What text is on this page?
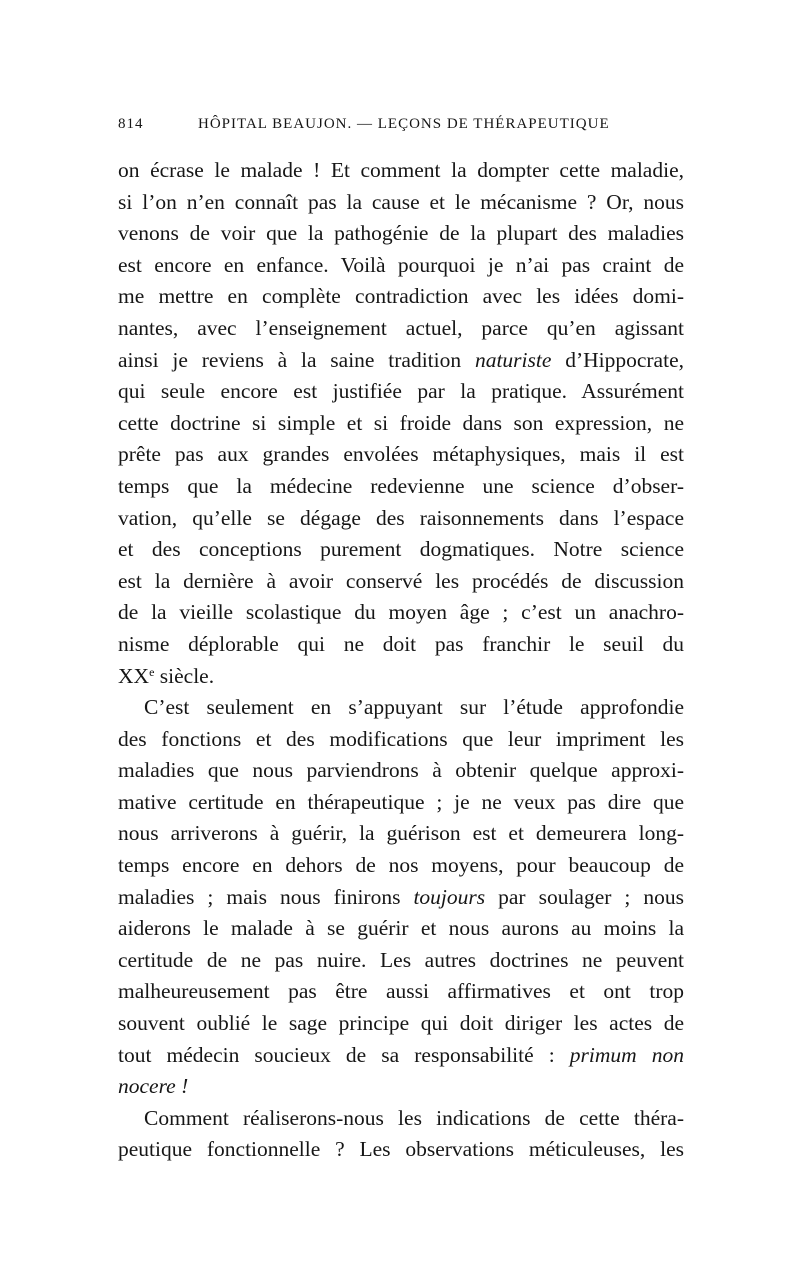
814	HÔPITAL BEAUJON. — LEÇONS DE THÉRAPEUTIQUE
on écrase le malade ! Et comment la dompter cette maladie,
si l’on n’en connaît pas la cause et le mécanisme ? Or, nous
venons de voir que la pathogénie de la plupart des maladies
est encore en enfance. Voilà pourquoi je n’ai pas craint de
me mettre en complète contradiction avec les idées domi-
nantes, avec l’enseignement actuel, parce qu’en agissant
ainsi je reviens à la saine tradition naturiste d’Hippocrate,
qui seule encore est justifiée par la pratique. Assurément
cette doctrine si simple et si froide dans son expression, ne
prête pas aux grandes envolées métaphysiques, mais il est
temps que la médecine redevienne une science d’obser-
vation, qu’elle se dégage des raisonnements dans l’espace
et des conceptions purement dogmatiques. Notre science
est la dernière à avoir conservé les procédés de discussion
de la vieille scolastique du moyen âge ; c’est un anachro-
nisme déplorable qui ne doit pas franchir le seuil du
XXe siècle.
C’est seulement en s’appuyant sur l’étude approfondie
des fonctions et des modifications que leur impriment les
maladies que nous parviendrons à obtenir quelque approxi-
mative certitude en thérapeutique ; je ne veux pas dire que
nous arriverons à guérir, la guérison est et demeurera long-
temps encore en dehors de nos moyens, pour beaucoup de
maladies ; mais nous finirons toujours par soulager ; nous
aiderons le malade à se guérir et nous aurons au moins la
certitude de ne pas nuire. Les autres doctrines ne peuvent
malheureusement pas être aussi affirmatives et ont trop
souvent oublié le sage principe qui doit diriger les actes de
tout médecin soucieux de sa responsabilité : primum non
nocere !
Comment réaliserons-nous les indications de cette théra-
peutique fonctionnelle ? Les observations méticuleuses, les
